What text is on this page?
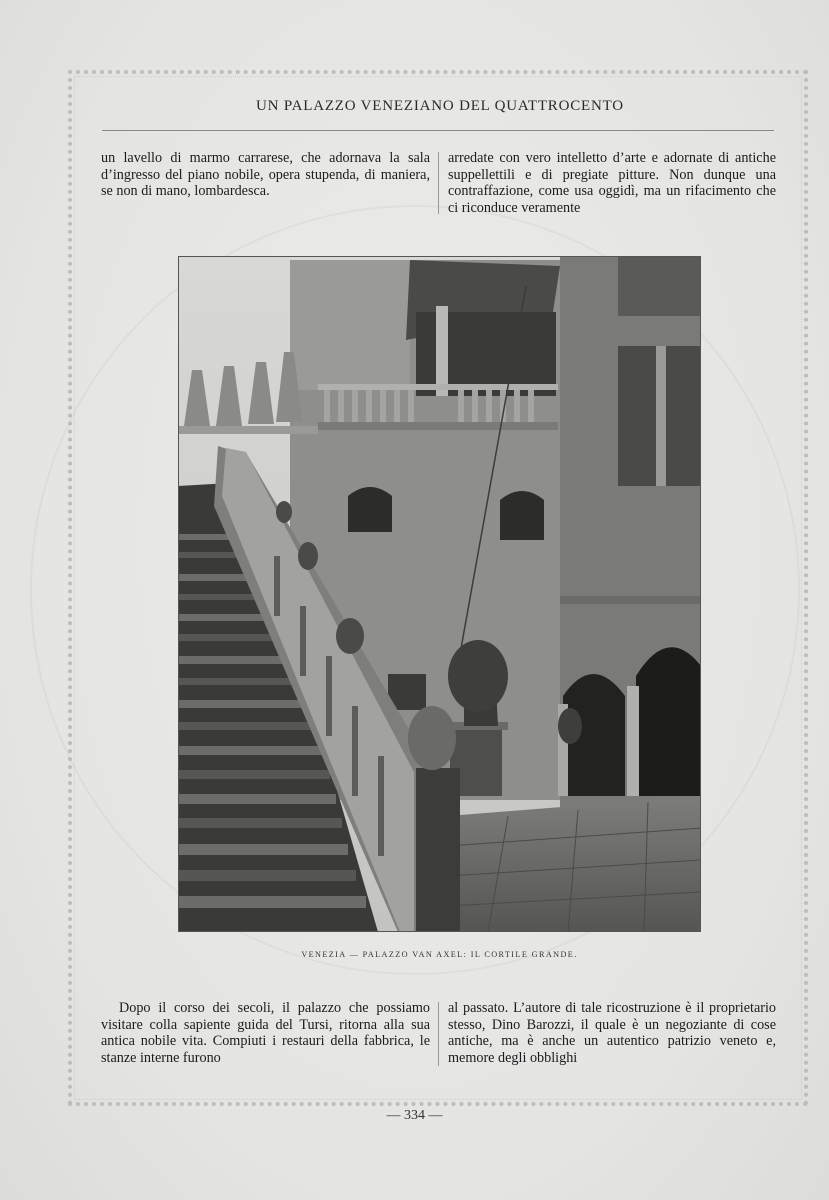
UN PALAZZO VENEZIANO DEL QUATTROCENTO
un lavello di marmo carrarese, che adornava la sala d’ingresso del piano nobile, opera stupenda, di maniera, se non di mano, lombardesca.
arredate con vero intelletto d’arte e adornate di antiche suppellettili e di pregiate pitture. Non dunque una contraffazione, come usa oggidì, ma un rifacimento che ci riconduce veramente
VENEZIA — PALAZZO VAN AXEL: IL CORTILE GRANDE.
Dopo il corso dei secoli, il palazzo che possiamo visitare colla sapiente guida del Tursi, ritorna alla sua antica nobile vita. Compiuti i restauri della fabbrica, le stanze interne furono
al passato. L’autore di tale ricostruzione è il proprietario stesso, Dino Barozzi, il quale è un negoziante di cose antiche, ma è anche un autentico patrizio veneto e, memore degli obblighi
— 334 —
